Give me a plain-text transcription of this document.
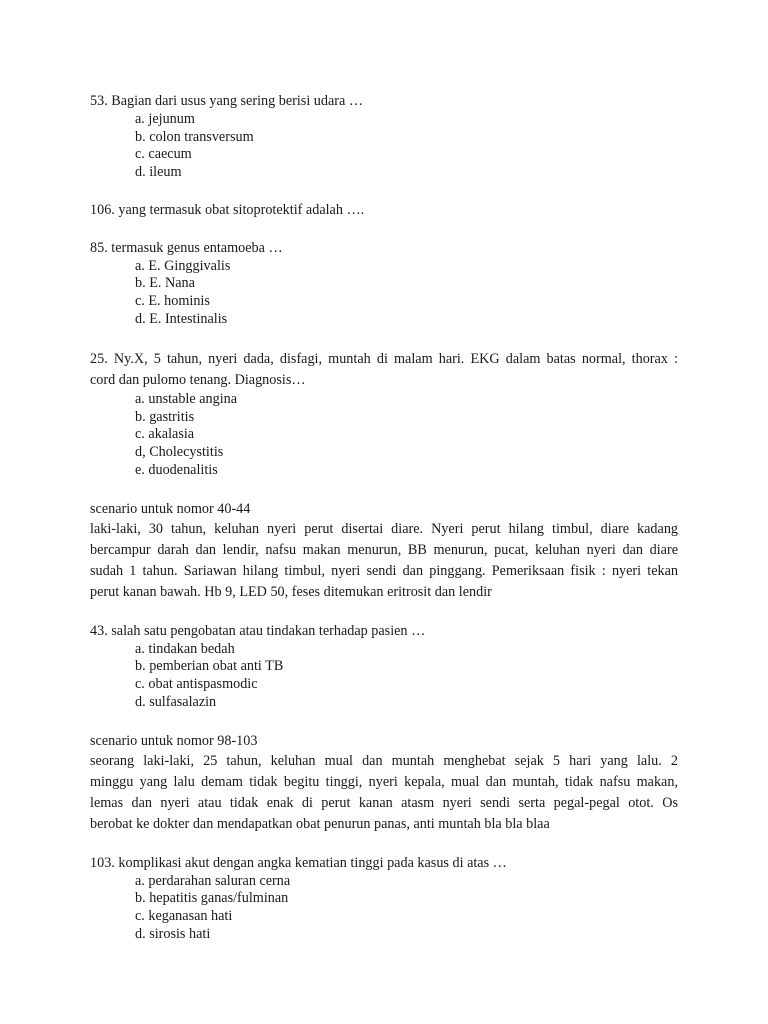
53. Bagian dari usus yang sering berisi udara …
a. jejunum
b. colon transversum
c. caecum
d. ileum
106. yang termasuk obat sitoprotektif adalah ….
85. termasuk genus entamoeba …
a. E. Ginggivalis
b. E. Nana
c. E. hominis
d. E. Intestinalis
25. Ny.X, 5 tahun, nyeri dada, disfagi, muntah di malam hari. EKG dalam batas normal, thorax :
cord dan pulomo tenang. Diagnosis…
a. unstable angina
b. gastritis
c. akalasia
d, Cholecystitis
e. duodenalitis
scenario untuk nomor 40-44
laki-laki, 30 tahun, keluhan nyeri perut disertai diare. Nyeri perut hilang timbul, diare kadang
bercampur darah dan lendir, nafsu makan menurun, BB menurun, pucat, keluhan nyeri dan diare
sudah 1 tahun. Sariawan hilang timbul, nyeri sendi dan pinggang. Pemeriksaan fisik : nyeri tekan
perut kanan bawah. Hb 9, LED 50, feses ditemukan eritrosit dan lendir
43. salah satu pengobatan atau tindakan terhadap pasien …
a. tindakan bedah
b. pemberian obat anti TB
c. obat antispasmodic
d. sulfasalazin
scenario untuk nomor 98-103
seorang laki-laki, 25 tahun, keluhan mual dan muntah menghebat sejak 5 hari yang lalu. 2
minggu yang lalu demam tidak begitu tinggi, nyeri kepala, mual dan muntah, tidak nafsu makan,
lemas dan nyeri atau tidak enak di perut kanan atasm nyeri sendi serta pegal-pegal otot. Os
berobat ke dokter dan mendapatkan obat penurun panas, anti muntah bla bla blaa
103. komplikasi akut dengan angka kematian tinggi pada kasus di atas …
a. perdarahan saluran cerna
b. hepatitis ganas/fulminan
c. keganasan hati
d. sirosis hati
